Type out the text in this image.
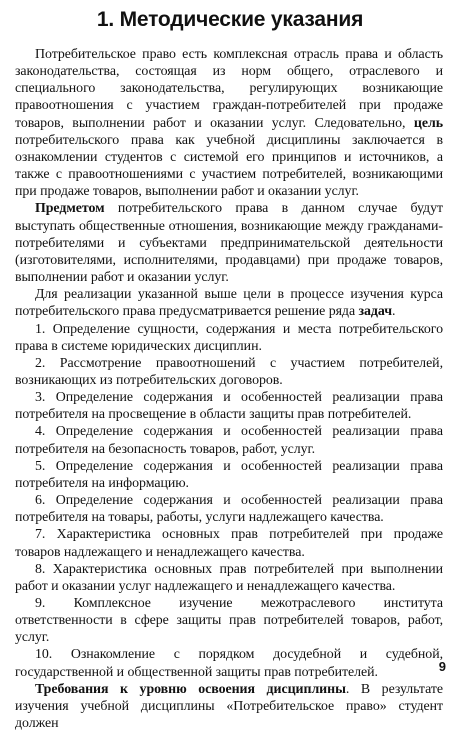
1. Методические указания

Потребительское право есть комплексная отрасль права и область законодательства, состоящая из норм общего, отраслевого и специального законодательства, регулирующих возникающие правоотношения с участием граждан-потребителей при продаже товаров, выполнении работ и оказании услуг. Следовательно, цель потребительского права как учебной дисциплины заключается в ознакомлении студентов с системой его принципов и источников, а также с правоотношениями с участием потребителей, возникающими при продаже товаров, выполнении работ и оказании услуг.

Предметом потребительского права в данном случае будут выступать общественные отношения, возникающие между гражданами-потребителями и субъектами предпринимательской деятельности (изготовителями, исполнителями, продавцами) при продаже товаров, выполнении работ и оказании услуг.

Для реализации указанной выше цели в процессе изучения курса потребительского права предусматривается решение ряда задач.

1. Определение сущности, содержания и места потребительского права в системе юридических дисциплин.

2. Рассмотрение правоотношений с участием потребителей, возникающих из потребительских договоров.

3. Определение содержания и особенностей реализации права потребителя на просвещение в области защиты прав потребителей.

4. Определение содержания и особенностей реализации права потребителя на безопасность товаров, работ, услуг.

5. Определение содержания и особенностей реализации права потребителя на информацию.

6. Определение содержания и особенностей реализации права потребителя на товары, работы, услуги надлежащего качества.

7. Характеристика основных прав потребителей при продаже товаров надлежащего и ненадлежащего качества.

8. Характеристика основных прав потребителей при выполнении работ и оказании услуг надлежащего и ненадлежащего качества.

9. Комплексное изучение межотраслевого института ответственности в сфере защиты прав потребителей товаров, работ, услуг.

10. Ознакомление с порядком досудебной и судебной, государственной и общественной защиты прав потребителей.

Требования к уровню освоения дисциплины. В результате изучения учебной дисциплины «Потребительское право» студент должен

9
